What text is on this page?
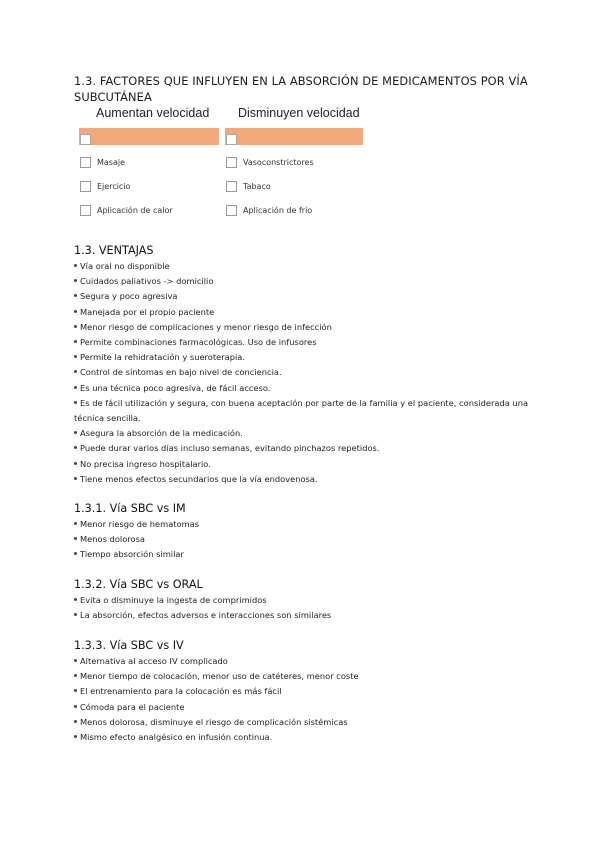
1.3. FACTORES QUE INFLUYEN EN LA ABSORCIÓN DE MEDICAMENTOS POR VÍA SUBCUTÁNEA
Aumentan velocidad Disminuyen velocidad
Masaje
Ejercicio
Aplicación de calor
Vasoconstrictores
Tabaco
Aplicación de frío
1.3. VENTAJAS
Vía oral no disponible
Cuidados paliativos -> domicilio
Segura y poco agresiva
Manejada por el propio paciente
Menor riesgo de complicaciones y menor riesgo de infección
Permite combinaciones farmacológicas. Uso de infusores
Permite la rehidratación y sueroterapia.
Control de síntomas en bajo nivel de conciencia.
Es una técnica poco agresiva, de fácil acceso.
Es de fácil utilización y segura, con buena aceptación por parte de la familia y el paciente, considerada una técnica sencilla.
Asegura la absorción de la medicación.
Puede durar varios días incluso semanas, evitando pinchazos repetidos.
No precisa ingreso hospitalario.
Tiene menos efectos secundarios que la vía endovenosa.
1.3.1. Vía SBC vs IM
Menor riesgo de hematomas
Menos dolorosa
Tiempo absorción similar
1.3.2. Vía SBC vs ORAL
Evita o disminuye la ingesta de comprimidos
La absorción, efectos adversos e interacciones son similares
1.3.3. Vía SBC vs IV
Alternativa al acceso IV complicado
Menor tiempo de colocación, menor uso de catéteres, menor coste
El entrenamiento para la colocación es más fácil
Cómoda para el paciente
Menos dolorosa, disminuye el riesgo de complicación sistémicas
Mismo efecto analgésico en infusión continua.
